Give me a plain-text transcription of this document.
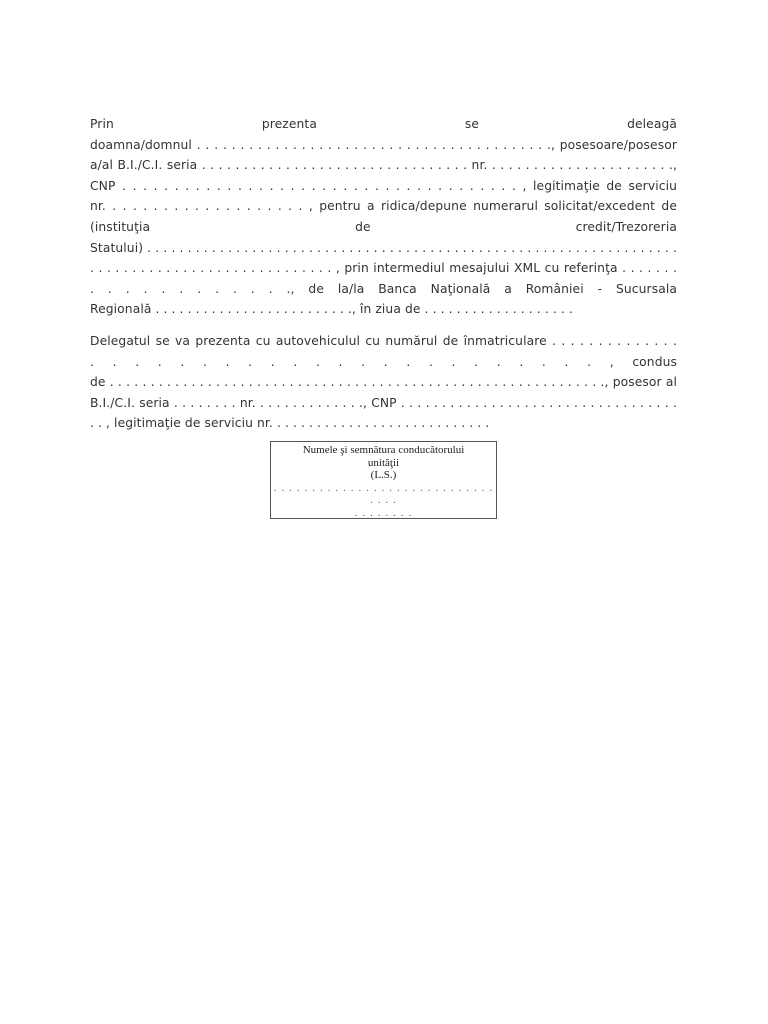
Prin prezenta se deleagă
doamna/domnul . . . . . . . . . . . . . . . . . . . . . . . . . . . . . . . . . . . . . . . . ., posesoare/posesor
a/al B.I./C.I. seria . . . . . . . . . . . . . . . . . . . . . . . . . . . . . . . . nr. . . . . . . . . . . . . . . . . . . . . . .,
CNP . . . . . . . . . . . . . . . . . . . . . . . . . . . . . . . . . . . . . . , legitimaţie de serviciu
nr. . . . . . . . . . . . . . . . . . . . , pentru a ridica/depune numerarul solicitat/excedent de
(instituţia de credit/Trezoreria
Statului) . . . . . . . . . . . . . . . . . . . . . . . . . . . . . . . . . . . . . . . . . . . . . . . . . . . . . . . . . . . . . . . . . .
. . . . . . . . . . . . . . . . . . . . . . . . . . . . . , prin intermediul mesajului XML cu referinţa . . . . . . .
. . . . . . . . . . . ., de la/la Banca Naţională a României - Sucursala
Regională . . . . . . . . . . . . . . . . . . . . . . . . ., în ziua de . . . . . . . . . . . . . . . . . . .

Delegatul se va prezenta cu autovehiculul cu numărul de înmatriculare . . . . . . . . . . . . . .
. . . . . . . . . . . . . . . . . . . . . . . , condus
de . . . . . . . . . . . . . . . . . . . . . . . . . . . . . . . . . . . . . . . . . . . . . . . . . . . . . . . . . . . . ., posesor al
B.I./C.I. seria . . . . . . . . nr. . . . . . . . . . . . . ., CNP . . . . . . . . . . . . . . . . . . . . . . . . . . . . . . . . . .
. . , legitimaţie de serviciu nr. . . . . . . . . . . . . . . . . . . . . . . . . . . .

Numele şi semnătura conducătorului
unităţii
(L.S.)
. . . . . . . . . . . . . . . . . . . . . . . . . . . . . . . . .
. . . . . . . .
